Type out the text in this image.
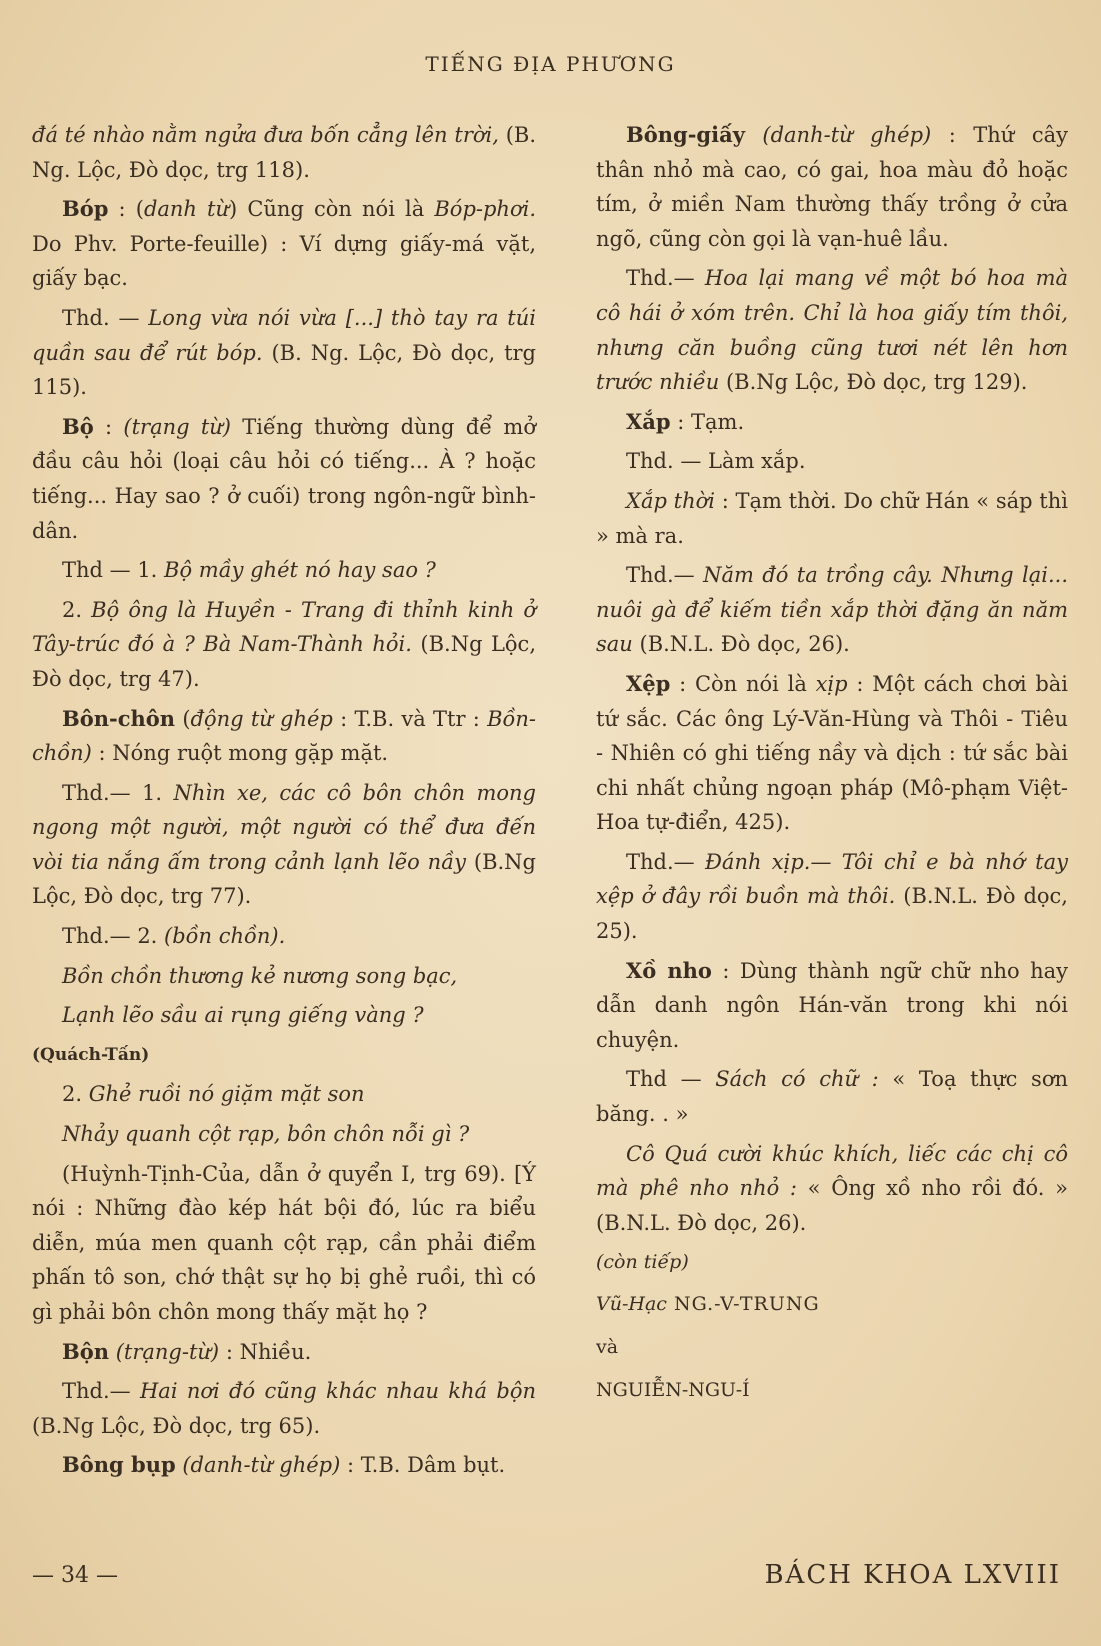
TIẾNG ĐỊA PHƯƠNG

đá té nhào nằm ngửa đưa bốn cẳng lên trời, (B. Ng. Lộc, Đò dọc, trg 118).

Bóp : (danh từ) Cũng còn nói là Bóp-phơi. Do Phv. Porte-feuille) : Ví dựng giấy-má vặt, giấy bạc.

Thd. — Long vừa nói vừa [...] thò tay ra túi quần sau để rút bóp. (B. Ng. Lộc, Đò dọc, trg 115).

Bộ : (trạng từ) Tiếng thường dùng để mở đầu câu hỏi (loại câu hỏi có tiếng... À ? hoặc tiếng... Hay sao ? ở cuối) trong ngôn-ngữ bình-dân.

Thd — 1. Bộ mầy ghét nó hay sao ?

2. Bộ ông là Huyền - Trang đi thỉnh kinh ở Tây-trúc đó à ? Bà Nam-Thành hỏi. (B.Ng Lộc, Đò dọc, trg 47).

Bôn-chôn (động từ ghép : T.B. và Ttr : Bồn-chồn) : Nóng ruột mong gặp mặt.

Thd.— 1. Nhìn xe, các cô bôn chôn mong ngong một người, một người có thể đưa đến vòi tia nắng ấm trong cảnh lạnh lẽo nầy (B.Ng Lộc, Đò dọc, trg 77).

Thd.— 2. (bồn chồn).

Bồn chồn thương kẻ nương song bạc,

Lạnh lẽo sầu ai rụng giếng vàng ?

(Quách-Tấn)

2. Ghẻ ruồi nó giặm mặt son

Nhảy quanh cột rạp, bôn chôn nỗi gì ?

(Huỳnh-Tịnh-Của, dẫn ở quyển I, trg 69). [Ý nói : Những đào kép hát bội đó, lúc ra biểu diễn, múa men quanh cột rạp, cần phải điểm phấn tô son, chớ thật sự họ bị ghẻ ruồi, thì có gì phải bôn chôn mong thấy mặt họ ?

Bộn (trạng-từ) : Nhiều.

Thd.— Hai nơi đó cũng khác nhau khá bộn (B.Ng Lộc, Đò dọc, trg 65).

Bông bụp (danh-từ ghép) : T.B. Dâm bụt.

Bông-giấy (danh-từ ghép) : Thứ cây thân nhỏ mà cao, có gai, hoa màu đỏ hoặc tím, ở miền Nam thường thấy trồng ở cửa ngõ, cũng còn gọi là vạn-huê lầu.

Thd.— Hoa lại mang về một bó hoa mà cô hái ở xóm trên. Chỉ là hoa giấy tím thôi, nhưng căn buồng cũng tươi nét lên hơn trước nhiều (B.Ng Lộc, Đò dọc, trg 129).

Xắp : Tạm.

Thd. — Làm xắp.

Xắp thời : Tạm thời. Do chữ Hán « sáp thì » mà ra.

Thd.— Năm đó ta trồng cây. Nhưng lại... nuôi gà để kiếm tiền xắp thời đặng ăn năm sau (B.N.L. Đò dọc, 26).

Xệp : Còn nói là xịp : Một cách chơi bài tứ sắc. Các ông Lý-Văn-Hùng và Thôi - Tiêu - Nhiên có ghi tiếng nầy và dịch : tứ sắc bài chi nhất chủng ngoạn pháp (Mô-phạm Việt-Hoa tự-điển, 425).

Thd.— Đánh xịp.— Tôi chỉ e bà nhớ tay xệp ở đây rồi buồn mà thôi. (B.N.L. Đò dọc, 25).

Xồ nho : Dùng thành ngữ chữ nho hay dẫn danh ngôn Hán-văn trong khi nói chuyện.

Thd — Sách có chữ : « Toạ thực sơn băng. . »

Cô Quá cười khúc khích, liếc các chị cô mà phê nho nhỏ : « Ông xồ nho rồi đó. » (B.N.L. Đò dọc, 26).

(còn tiếp)

Vũ-Hạc NG.-V-TRUNG

và

NGUIỄN-NGU-Í

— 34 —	BÁCH KHOA LXVIII
